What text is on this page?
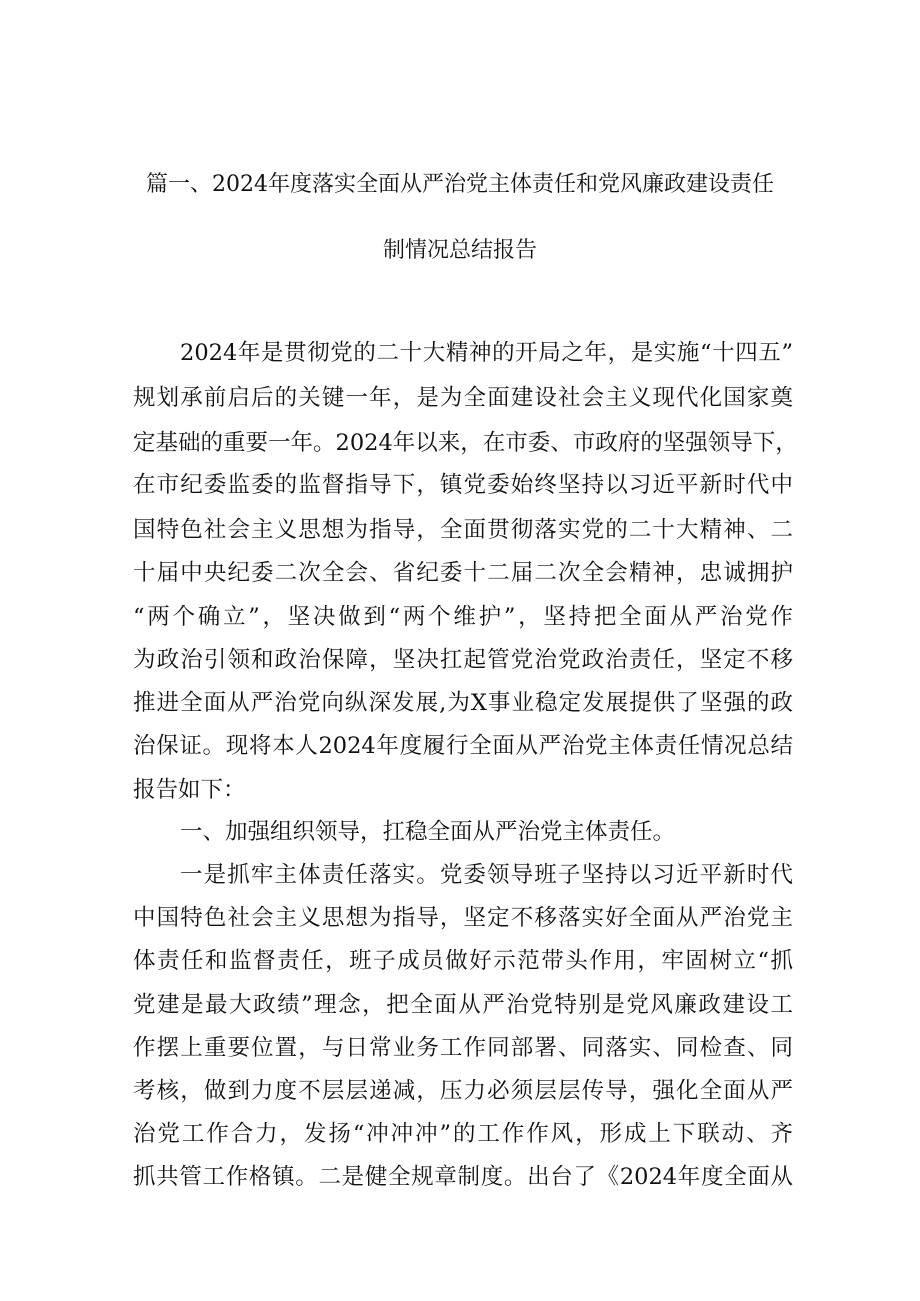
篇一、2024年度落实全面从严治党主体责任和党风廉政建设责任
制情况总结报告
2024年是贯彻党的二十大精神的开局之年，是实施“十四五”
规划承前启后的关键一年，是为全面建设社会主义现代化国家奠
定基础的重要一年。2024年以来，在市委、市政府的坚强领导下，
在市纪委监委的监督指导下，镇党委始终坚持以习近平新时代中
国特色社会主义思想为指导，全面贯彻落实党的二十大精神、二
十届中央纪委二次全会、省纪委十二届二次全会精神，忠诚拥护
“两个确立”，坚决做到“两个维护”，坚持把全面从严治党作
为政治引领和政治保障，坚决扛起管党治党政治责任，坚定不移
推进全面从严治党向纵深发展,为X事业稳定发展提供了坚强的政
治保证。现将本人2024年度履行全面从严治党主体责任情况总结
报告如下：
一、加强组织领导，扛稳全面从严治党主体责任。
一是抓牢主体责任落实。党委领导班子坚持以习近平新时代
中国特色社会主义思想为指导，坚定不移落实好全面从严治党主
体责任和监督责任，班子成员做好示范带头作用，牢固树立“抓
党建是最大政绩”理念，把全面从严治党特别是党风廉政建设工
作摆上重要位置，与日常业务工作同部署、同落实、同检查、同
考核，做到力度不层层递减，压力必须层层传导，强化全面从严
治党工作合力，发扬“冲冲冲”的工作作风，形成上下联动、齐
抓共管工作格镇。二是健全规章制度。出台了《2024年度全面从
